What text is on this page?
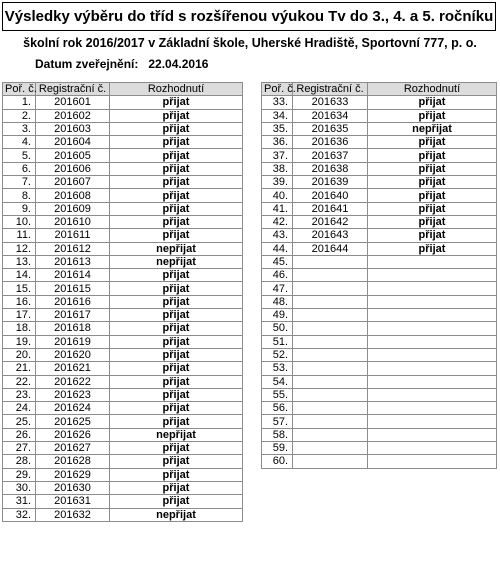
Výsledky výběru do tříd s rozšířenou výukou Tv do 3., 4. a 5. ročníku
školní rok 2016/2017 v Základní škole, Uherské Hradiště, Sportovní 777, p. o.
Datum zveřejnění: 22.04.2016
Poř. č.	Registrační č.	Rozhodnutí
1.	201601	přijat
2.	201602	přijat
3.	201603	přijat
4.	201604	přijat
5.	201605	přijat
6.	201606	přijat
7.	201607	přijat
8.	201608	přijat
9.	201609	přijat
10.	201610	přijat
11.	201611	přijat
12.	201612	nepřijat
13.	201613	nepřijat
14.	201614	přijat
15.	201615	přijat
16.	201616	přijat
17.	201617	přijat
18.	201618	přijat
19.	201619	přijat
20.	201620	přijat
21.	201621	přijat
22.	201622	přijat
23.	201623	přijat
24.	201624	přijat
25.	201625	přijat
26.	201626	nepřijat
27.	201627	přijat
28.	201628	přijat
29.	201629	přijat
30.	201630	přijat
31.	201631	přijat
32.	201632	nepřijat
Poř. č.	Registrační č.	Rozhodnutí
33.	201633	přijat
34.	201634	přijat
35.	201635	nepřijat
36.	201636	přijat
37.	201637	přijat
38.	201638	přijat
39.	201639	přijat
40.	201640	přijat
41.	201641	přijat
42.	201642	přijat
43.	201643	přijat
44.	201644	přijat
45.		
46.		
47.		
48.		
49.		
50.		
51.		
52.		
53.		
54.		
55.		
56.		
57.		
58.		
59.		
60.		
